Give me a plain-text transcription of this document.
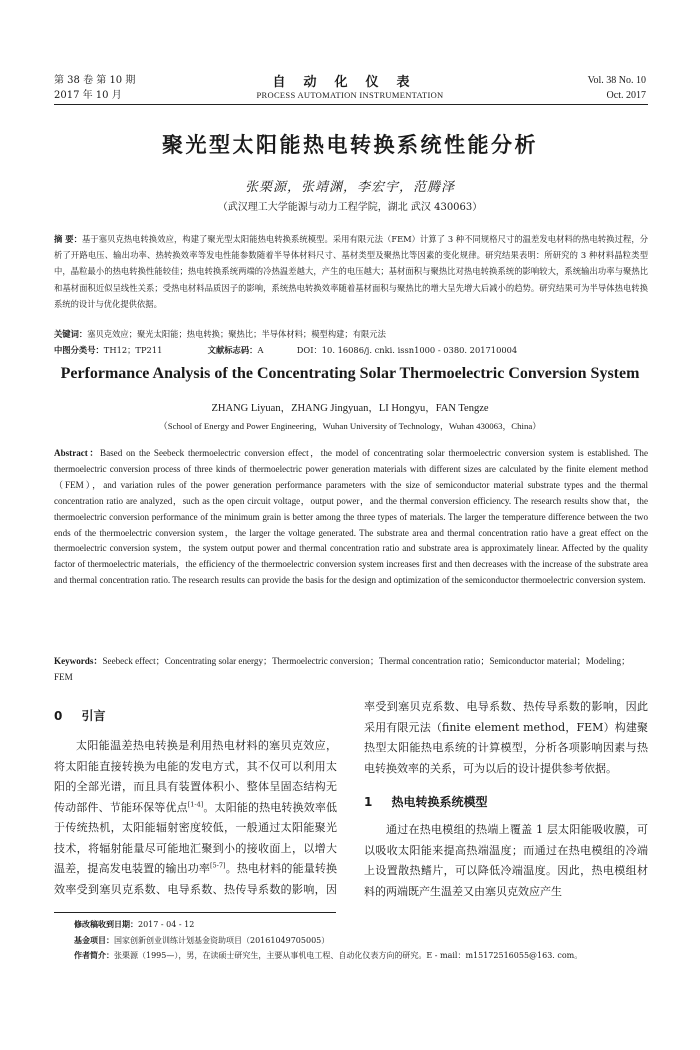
第 38 卷 第 10 期
2017 年 10 月
自动化仪表
PROCESS AUTOMATION INSTRUMENTATION
Vol. 38 No. 10
Oct. 2017
聚光型太阳能热电转换系统性能分析
张栗源，张靖渊，李宏宇，范腾泽
（武汉理工大学能源与动力工程学院，湖北 武汉 430063）
摘 要：基于塞贝克热电转换效应，构建了聚光型太阳能热电转换系统模型。采用有限元法（FEM）计算了 3 种不同规格尺寸的温差发电材料的热电转换过程，分析了开路电压、输出功率、热转换效率等发电性能参数随着半导体材料尺寸、基材类型及聚热比等因素的变化规律。研究结果表明：所研究的 3 种材料晶粒类型中，晶粒最小的热电转换性能较佳；热电转换系统两端的冷热温差越大，产生的电压越大；基材面积与聚热比对热电转换系统的影响较大，系统输出功率与聚热比和基材面积近似呈线性关系；受热电材料品质因子的影响，系统热电转换效率随着基材面积与聚热比的增大呈先增大后减小的趋势。研究结果可为半导体热电转换系统的设计与优化提供依据。
关键词：塞贝克效应；聚光太阳能；热电转换；聚热比；半导体材料；模型构建；有限元法
中图分类号：TH12；TP211	文献标志码：A	DOI：10. 16086/j. cnki. issn1000 - 0380. 201710004
Performance Analysis of the Concentrating Solar Thermoelectric Conversion System
ZHANG Liyuan，ZHANG Jingyuan，LI Hongyu，FAN Tengze
（School of Energy and Power Engineering，Wuhan University of Technology，Wuhan 430063，China）
Abstract：Based on the Seebeck thermoelectric conversion effect，the model of concentrating solar thermoelectric conversion system is established. The thermoelectric conversion process of three kinds of thermoelectric power generation materials with different sizes are calculated by the finite element method（FEM），and variation rules of the power generation performance parameters with the size of semiconductor material substrate types and the thermal concentration ratio are analyzed，such as the open circuit voltage，output power，and the thermal conversion efficiency. The research results show that，the thermoelectric conversion performance of the minimum grain is better among the three types of materials. The larger the temperature difference between the two ends of the thermoelectric conversion system，the larger the voltage generated. The substrate area and thermal concentration ratio have a great effect on the thermoelectric conversion system，the system output power and thermal concentration ratio and substrate area is approximately linear. Affected by the quality factor of thermoelectric materials，the efficiency of the thermoelectric conversion system increases first and then decreases with the increase of the substrate area and thermal concentration ratio. The research results can provide the basis for the design and optimization of the semiconductor thermoelectric conversion system.
Keywords：Seebeck effect；Concentrating solar energy；Thermoelectric conversion；Thermal concentration ratio；Semiconductor material；Modeling；FEM
0 引言

太阳能温差热电转换是利用热电材料的塞贝克效应，将太阳能直接转换为电能的发电方式，其不仅可以利用太阳的全部光谱，而且具有装置体积小、整体呈固态结构无传动部件、节能环保等优点[1-4]。太阳能的热电转换效率低于传统热机，太阳能辐射密度较低，一般通过太阳能聚光技术，将辐射能量尽可能地汇聚到小的接收面上，以增大温差，提高发电装置的输出功率[5-7]。热电材料的能量转换效率受到塞贝克系数、电导系数、热传导系数的影响，因

率受到塞贝克系数、电导系数、热传导系数的影响，因此采用有限元法（finite element method，FEM）构建聚热型太阳能热电系统的计算模型，分析各项影响因素与热电转换效率的关系，可为以后的设计提供参考依据。

1 热电转换系统模型

通过在热电模组的热端上覆盖 1 层太阳能吸收膜，可以吸收太阳能来提高热端温度；而通过在热电模组的冷端上设置散热鳍片，可以降低冷端温度。因此，热电模组材料的两端既产生温差又由塞贝克效应产生

修改稿收到日期：2017 - 04 - 12
基金项目：国家创新创业训练计划基金资助项目（20161049705005）
作者简介：张栗源（1995—），男，在读硕士研究生，主要从事机电工程、自动化仪表方向的研究。E - mail：m15172516055@163. com。
